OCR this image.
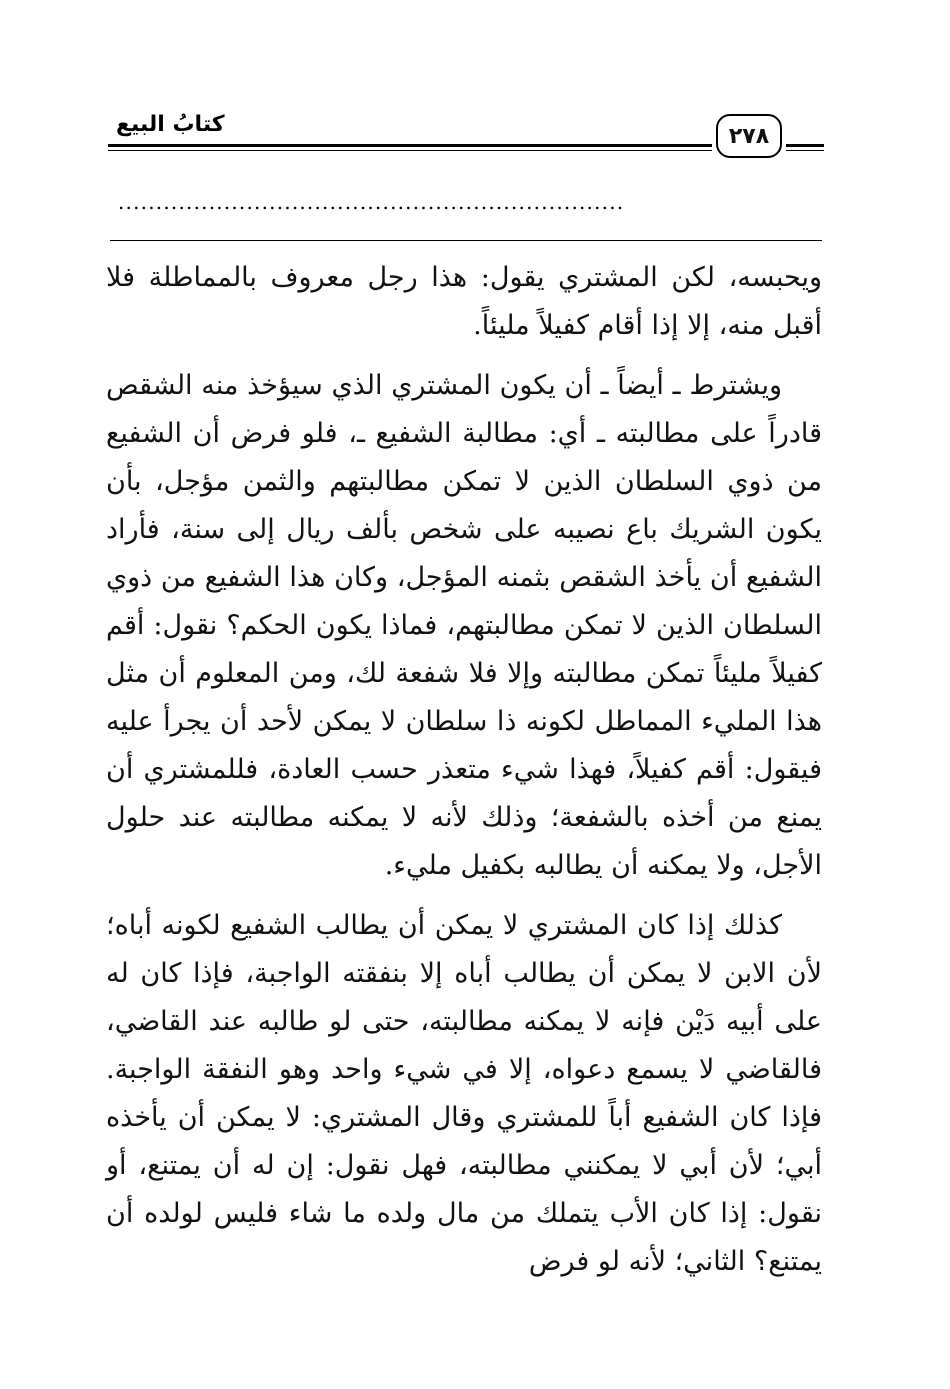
كتابُ البيع	٢٧٨
...................................................................

ويحبسه، لكن المشتري يقول: هذا رجل معروف بالمماطلة فلا أقبل منه، إلا إذا أقام كفيلاً مليئاً.

ويشترط ـ أيضاً ـ أن يكون المشتري الذي سيؤخذ منه الشقص قادراً على مطالبته ـ أي: مطالبة الشفيع ـ، فلو فرض أن الشفيع من ذوي السلطان الذين لا تمكن مطالبتهم والثمن مؤجل، بأن يكون الشريك باع نصيبه على شخص بألف ريال إلى سنة، فأراد الشفيع أن يأخذ الشقص بثمنه المؤجل، وكان هذا الشفيع من ذوي السلطان الذين لا تمكن مطالبتهم، فماذا يكون الحكم؟ نقول: أقم كفيلاً مليئاً تمكن مطالبته وإلا فلا شفعة لك، ومن المعلوم أن مثل هذا المليء المماطل لكونه ذا سلطان لا يمكن لأحد أن يجرأ عليه فيقول: أقم كفيلاً، فهذا شيء متعذر حسب العادة، فللمشتري أن يمنع من أخذه بالشفعة؛ وذلك لأنه لا يمكنه مطالبته عند حلول الأجل، ولا يمكنه أن يطالبه بكفيل مليء.

كذلك إذا كان المشتري لا يمكن أن يطالب الشفيع لكونه أباه؛ لأن الابن لا يمكن أن يطالب أباه إلا بنفقته الواجبة، فإذا كان له على أبيه دَيْن فإنه لا يمكنه مطالبته، حتى لو طالبه عند القاضي، فالقاضي لا يسمع دعواه، إلا في شيء واحد وهو النفقة الواجبة. فإذا كان الشفيع أباً للمشتري وقال المشتري: لا يمكن أن يأخذه أبي؛ لأن أبي لا يمكنني مطالبته، فهل نقول: إن له أن يمتنع، أو نقول: إذا كان الأب يتملك من مال ولده ما شاء فليس لولده أن يمتنع؟ الثاني؛ لأنه لو فرض
